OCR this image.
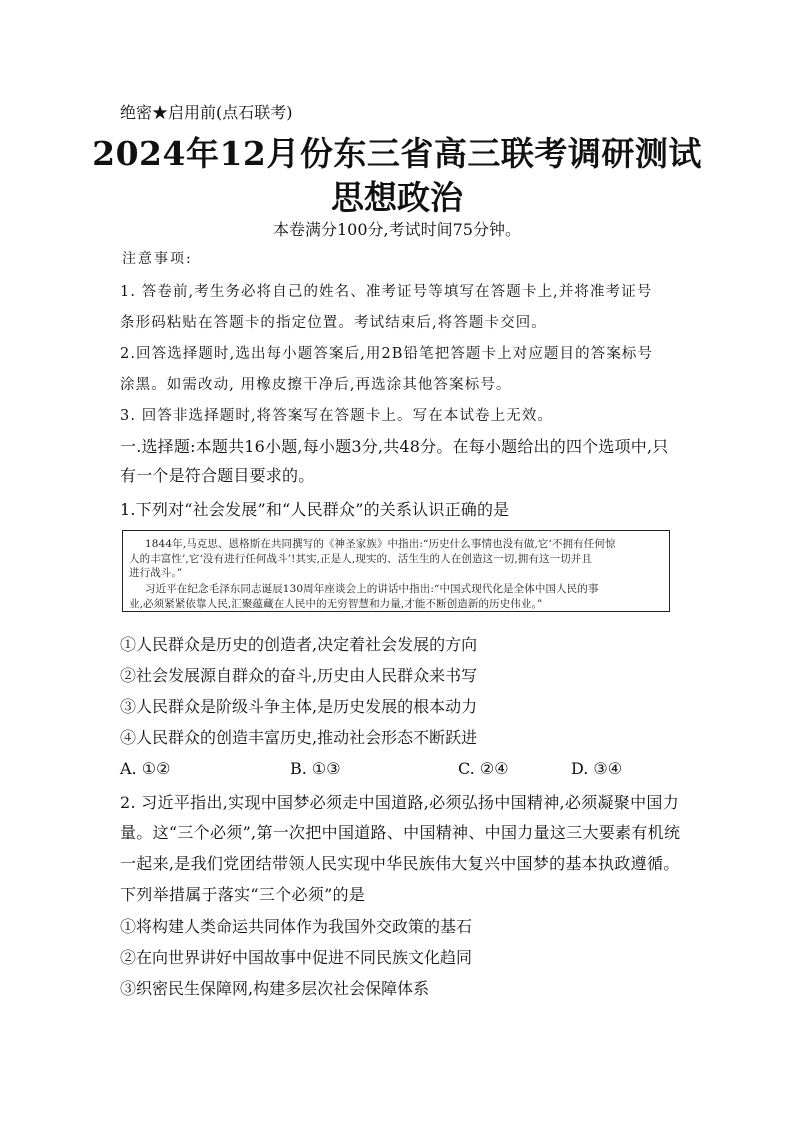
绝密★启用前(点石联考)
2024年12月份东三省高三联考调研测试
思想政治
本卷满分100分,考试时间75分钟。
注意事项:
1. 答卷前,考生务必将自己的姓名、准考证号等填写在答题卡上,并将准考证号
条形码粘贴在答题卡的指定位置。考试结束后,将答题卡交回。
2.回答选择题时,选出每小题答案后,用2B铅笔把答题卡上对应题目的答案标号
涂黑。如需改动, 用橡皮擦干净后,再选涂其他答案标号。
3. 回答非选择题时,将答案写在答题卡上。写在本试卷上无效。
一.选择题:本题共16小题,每小题3分,共48分。在每小题给出的四个选项中,只
有一个是符合题目要求的。
1.下列对“社会发展”和“人民群众”的关系认识正确的是
1844年,马克思、恩格斯在共同撰写的《神圣家族》中指出:“历史什么事情也没有做,它‘不拥有任何惊
人的丰富性’,它‘没有进行任何战斗’!其实,正是人,现实的、活生生的人在创造这一切,拥有这一切并且
进行战斗。”
习近平在纪念毛泽东同志诞辰130周年座谈会上的讲话中指出:“中国式现代化是全体中国人民的事
业,必须紧紧依靠人民,汇聚蕴藏在人民中的无穷智慧和力量,才能不断创造新的历史伟业。”
①人民群众是历史的创造者,决定着社会发展的方向
②社会发展源自群众的奋斗,历史由人民群众来书写
③人民群众是阶级斗争主体,是历史发展的根本动力
④人民群众的创造丰富历史,推动社会形态不断跃进
A. ①②	B. ①③	C. ②④	D. ③④
2. 习近平指出,实现中国梦必须走中国道路,必须弘扬中国精神,必须凝聚中国力
量。这“三个必须”,第一次把中国道路、中国精神、中国力量这三大要素有机统
一起来,是我们党团结带领人民实现中华民族伟大复兴中国梦的基本执政遵循。
下列举措属于落实“三个必须”的是
①将构建人类命运共同体作为我国外交政策的基石
②在向世界讲好中国故事中促进不同民族文化趋同
③织密民生保障网,构建多层次社会保障体系
